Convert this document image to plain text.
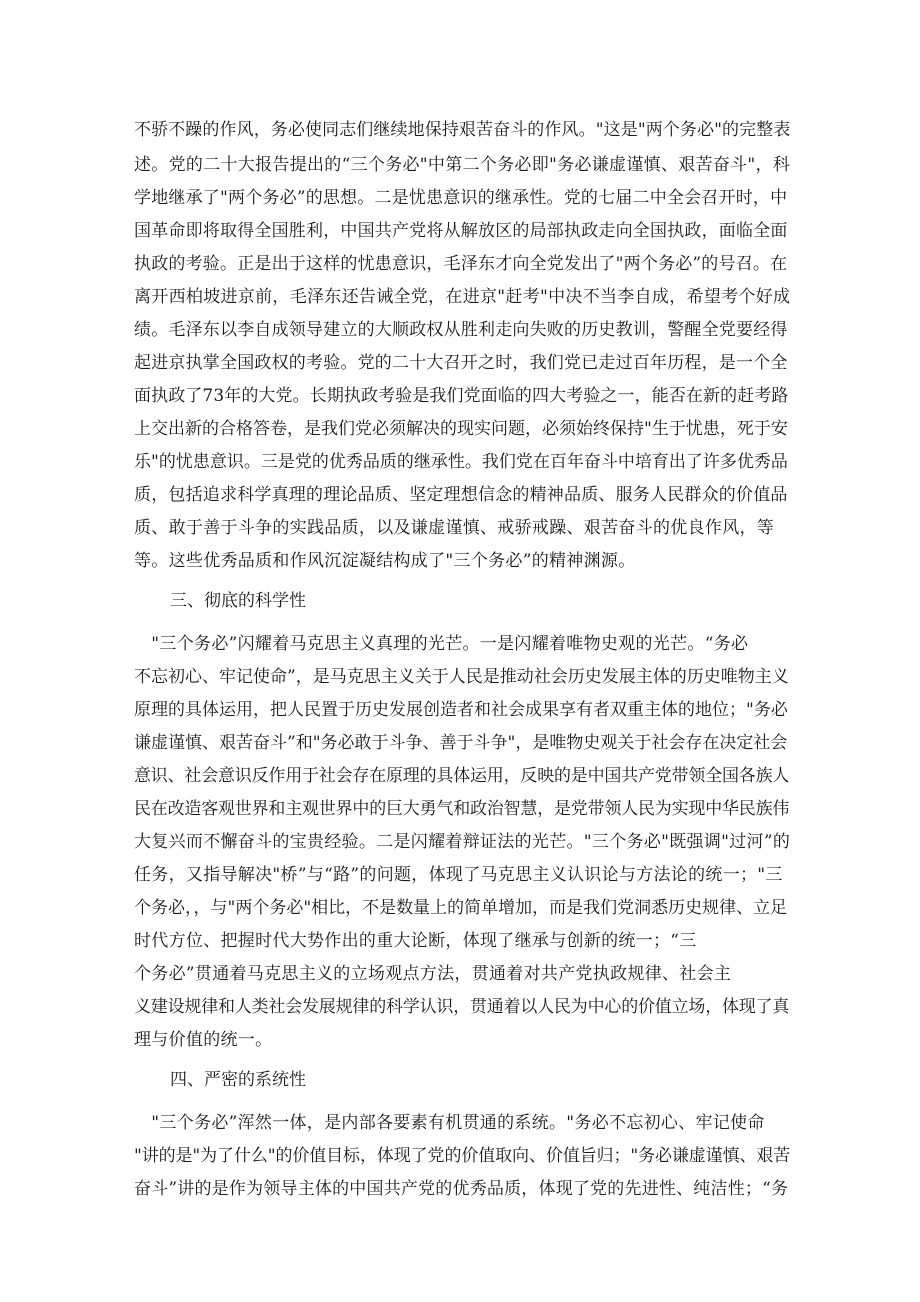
不骄不躁的作风，务必使同志们继续地保持艰苦奋斗的作风。"这是"两个务必"的完整表
述。党的二十大报告提出的“三个务必"中第二个务必即"务必谦虚谨慎、艰苦奋斗"，科
学地继承了"两个务必”的思想。二是忧患意识的继承性。党的七届二中全会召开时，中
国革命即将取得全国胜利，中国共产党将从解放区的局部执政走向全国执政，面临全面
执政的考验。正是出于这样的忧患意识，毛泽东才向全党发出了"两个务必”的号召。在
离开西柏坡进京前，毛泽东还告诫全党，在进京"赶考"中决不当李自成，希望考个好成
绩。毛泽东以李自成领导建立的大顺政权从胜利走向失败的历史教训，警醒全党要经得
起进京执掌全国政权的考验。党的二十大召开之时，我们党已走过百年历程，是一个全
面执政了73年的大党。长期执政考验是我们党面临的四大考验之一，能否在新的赶考路
上交出新的合格答卷，是我们党必须解决的现实问题，必须始终保持"生于忧患，死于安
乐"的忧患意识。三是党的优秀品质的继承性。我们党在百年奋斗中培育出了许多优秀品
质，包括追求科学真理的理论品质、坚定理想信念的精神品质、服务人民群众的价值品
质、敢于善于斗争的实践品质，以及谦虚谨慎、戒骄戒躁、艰苦奋斗的优良作风，等
等。这些优秀品质和作风沉淀凝结构成了"三个务必”的精神渊源。
三、彻底的科学性
　"三个务必”闪耀着马克思主义真理的光芒。一是闪耀着唯物史观的光芒。“务必
不忘初心、牢记使命”，是马克思主义关于人民是推动社会历史发展主体的历史唯物主义
原理的具体运用，把人民置于历史发展创造者和社会成果享有者双重主体的地位；"务必
谦虚谨慎、艰苦奋斗”和"务必敢于斗争、善于斗争"，是唯物史观关于社会存在决定社会
意识、社会意识反作用于社会存在原理的具体运用，反映的是中国共产党带领全国各族人
民在改造客观世界和主观世界中的巨大勇气和政治智慧，是党带领人民为实现中华民族伟
大复兴而不懈奋斗的宝贵经验。二是闪耀着辩证法的光芒。"三个务必"既强调"过河”的
任务，又指导解决"桥”与“路”的问题，体现了马克思主义认识论与方法论的统一；"三
个务必，，与"两个务必"相比，不是数量上的简单增加，而是我们党洞悉历史规律、立足
时代方位、把握时代大势作出的重大论断，体现了继承与创新的统一；“三
个务必”贯通着马克思主义的立场观点方法，贯通着对共产党执政规律、社会主
义建设规律和人类社会发展规律的科学认识，贯通着以人民为中心的价值立场，体现了真
理与价值的统一。
四、严密的系统性
　"三个务必”浑然一体，是内部各要素有机贯通的系统。"务必不忘初心、牢记使命
"讲的是"为了什么"的价值目标，体现了党的价值取向、价值旨归；"务必谦虚谨慎、艰苦
奋斗”讲的是作为领导主体的中国共产党的优秀品质，体现了党的先进性、纯洁性；“务
